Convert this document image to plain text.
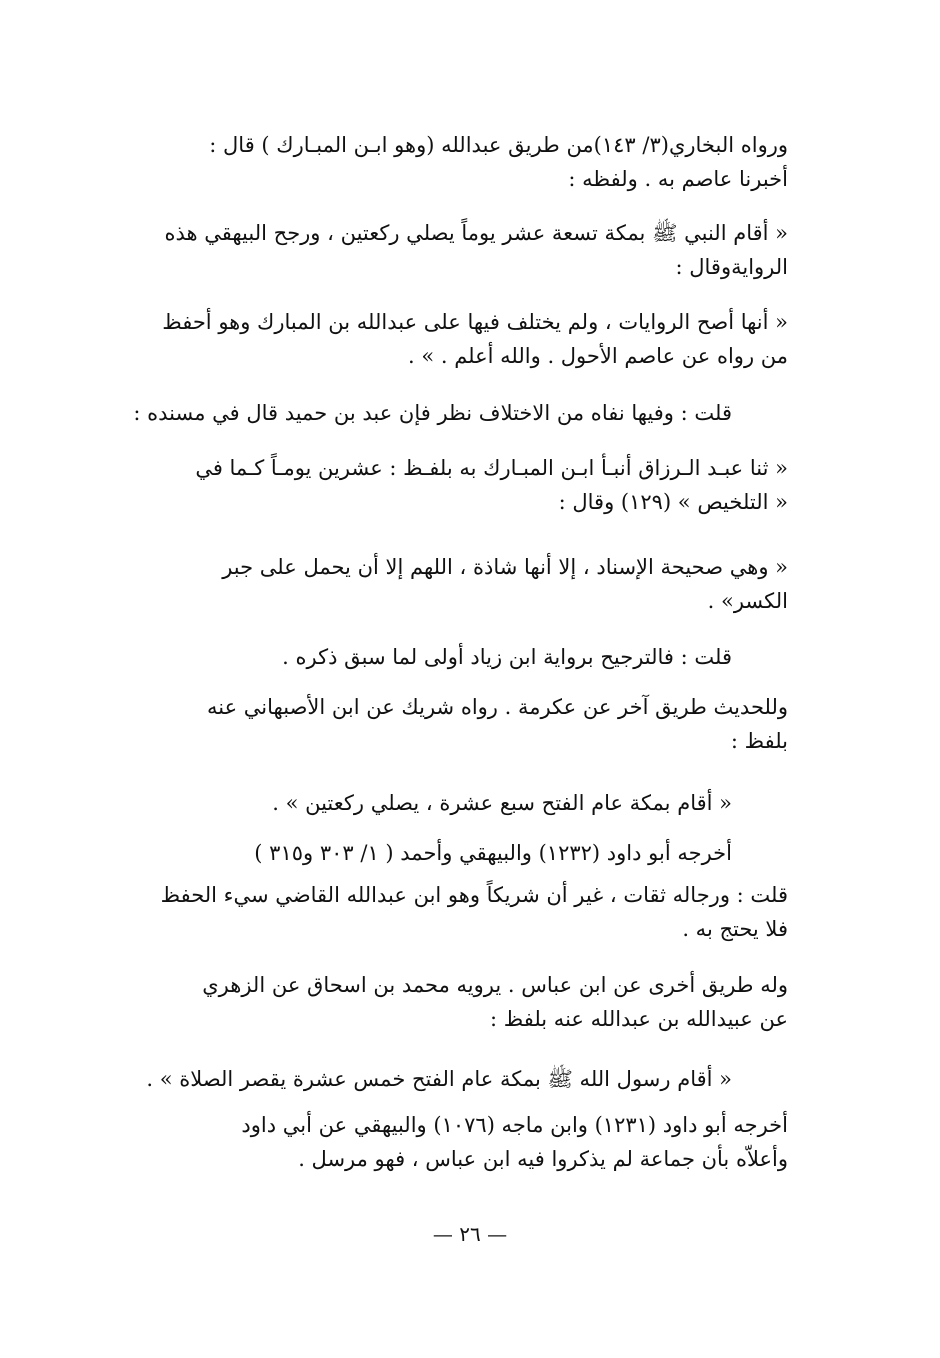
ورواه البخاري(٣/ ١٤٣)من طريق عبدالله (وهو ابـن المبـارك ) قال :
أخبرنا عاصم به . ولفظه :
« أقام النبي ﷺ بمكة تسعة عشر يوماً يصلي ركعتين ، ورجح البيهقي هذه
الروايةوقال :
« أنها أصح الروايات ، ولم يختلف فيها على عبدالله بن المبارك وهو أحفظ
من رواه عن عاصم الأحول . والله أعلم . » .
قلت : وفيها نفاه من الاختلاف نظر فإن عبد بن حميد قال في مسنده :
« ثنا عبـد الـرزاق أنبـأ ابـن المبـارك به بلفـظ : عشرين يومـاً كـما في
« التلخيص » (١٢٩) وقال :
« وهي صحيحة الإسناد ، إلا أنها شاذة ، اللهم إلا أن يحمل على جبر
الكسر» .
قلت : فالترجيح برواية ابن زياد أولى لما سبق ذكره .
وللحديث طريق آخر عن عكرمة . رواه شريك عن ابن الأصبهاني عنه
بلفظ :
« أقام بمكة عام الفتح سبع عشرة ، يصلي ركعتين » .
أخرجه أبو داود (١٢٣٢) والبيهقي وأحمد ( ١/ ٣٠٣ و٣١٥ )
قلت : ورجاله ثقات ، غير أن شريكاً وهو ابن عبدالله القاضي سيء الحفظ
فلا يحتج به .
وله طريق أخرى عن ابن عباس . يرويه محمد بن اسحاق عن الزهري
عن عبيدالله بن عبدالله عنه بلفظ :
« أقام رسول الله ﷺ بمكة عام الفتح خمس عشرة يقصر الصلاة » .
أخرجه أبو داود (١٢٣١) وابن ماجه (١٠٧٦) والبيهقي عن أبي داود
وأعلاّه بأن جماعة لم يذكروا فيه ابن عباس ، فهو مرسل .
— ٢٦ —
